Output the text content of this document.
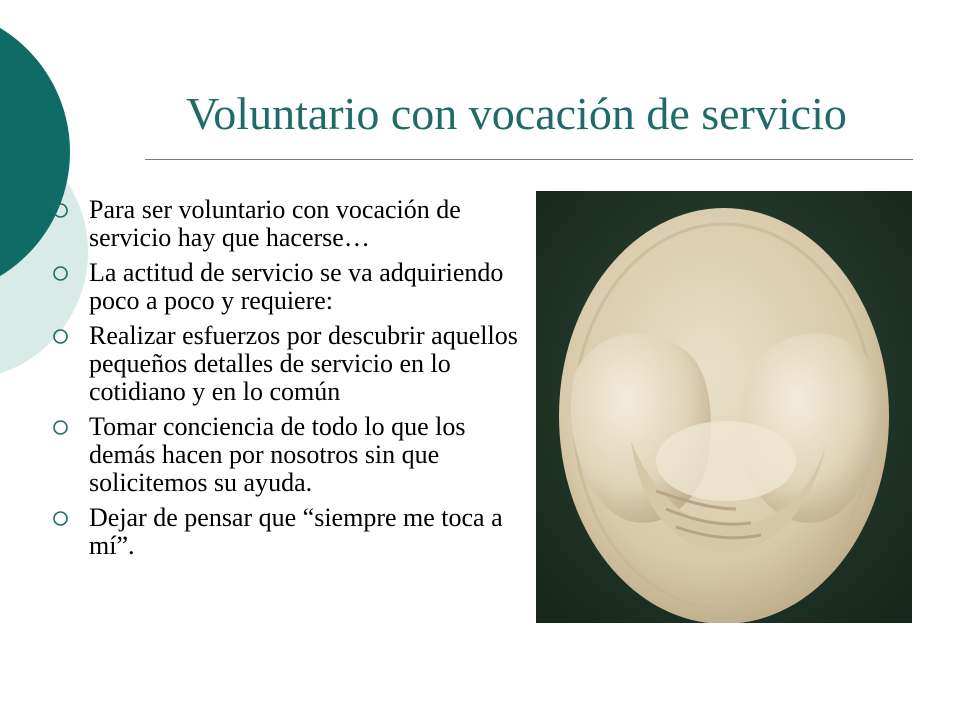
Voluntario con vocación de servicio
Para ser voluntario con vocación de servicio hay que hacerse…
La actitud de servicio se va adquiriendo poco a poco y requiere:
Realizar esfuerzos por descubrir aquellos pequeños detalles de servicio en lo cotidiano y en lo común
Tomar conciencia de todo lo que los demás hacen por nosotros sin que solicitemos su ayuda.
Dejar de pensar que “siempre me toca a mí”.
